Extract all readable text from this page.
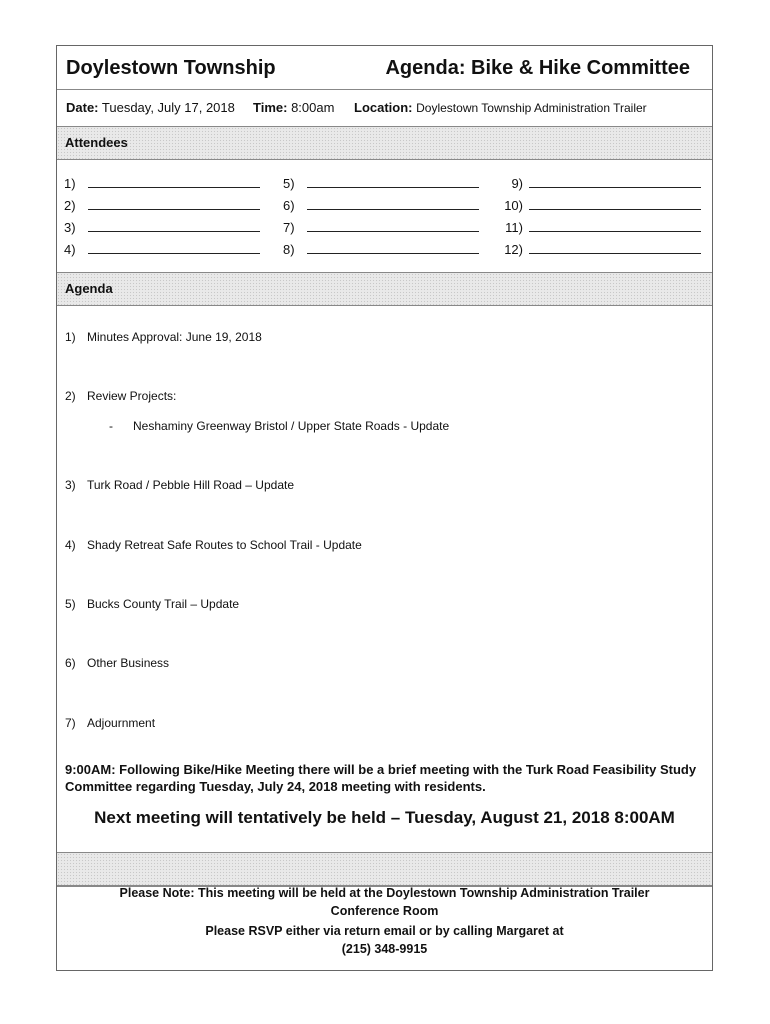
Doylestown Township	Agenda: Bike & Hike Committee
Date: Tuesday, July 17, 2018 Time: 8:00am Location: Doylestown Township Administration Trailer
Attendees
1)
2)
3)
4)
5)
6)
7)
8)
9)
10)
11)
12)
Agenda
1) Minutes Approval: June 19, 2018
2) Review Projects:
- Neshaminy Greenway Bristol / Upper State Roads - Update
3) Turk Road / Pebble Hill Road – Update
4) Shady Retreat Safe Routes to School Trail - Update
5) Bucks County Trail – Update
6) Other Business
7) Adjournment
9:00AM: Following Bike/Hike Meeting there will be a brief meeting with the Turk Road Feasibility Study Committee regarding Tuesday, July 24, 2018 meeting with residents.
Next meeting will tentatively be held – Tuesday, August 21, 2018 8:00AM
Please Note: This meeting will be held at the Doylestown Township Administration Trailer
Conference Room
Please RSVP either via return email or by calling Margaret at
(215) 348-9915
